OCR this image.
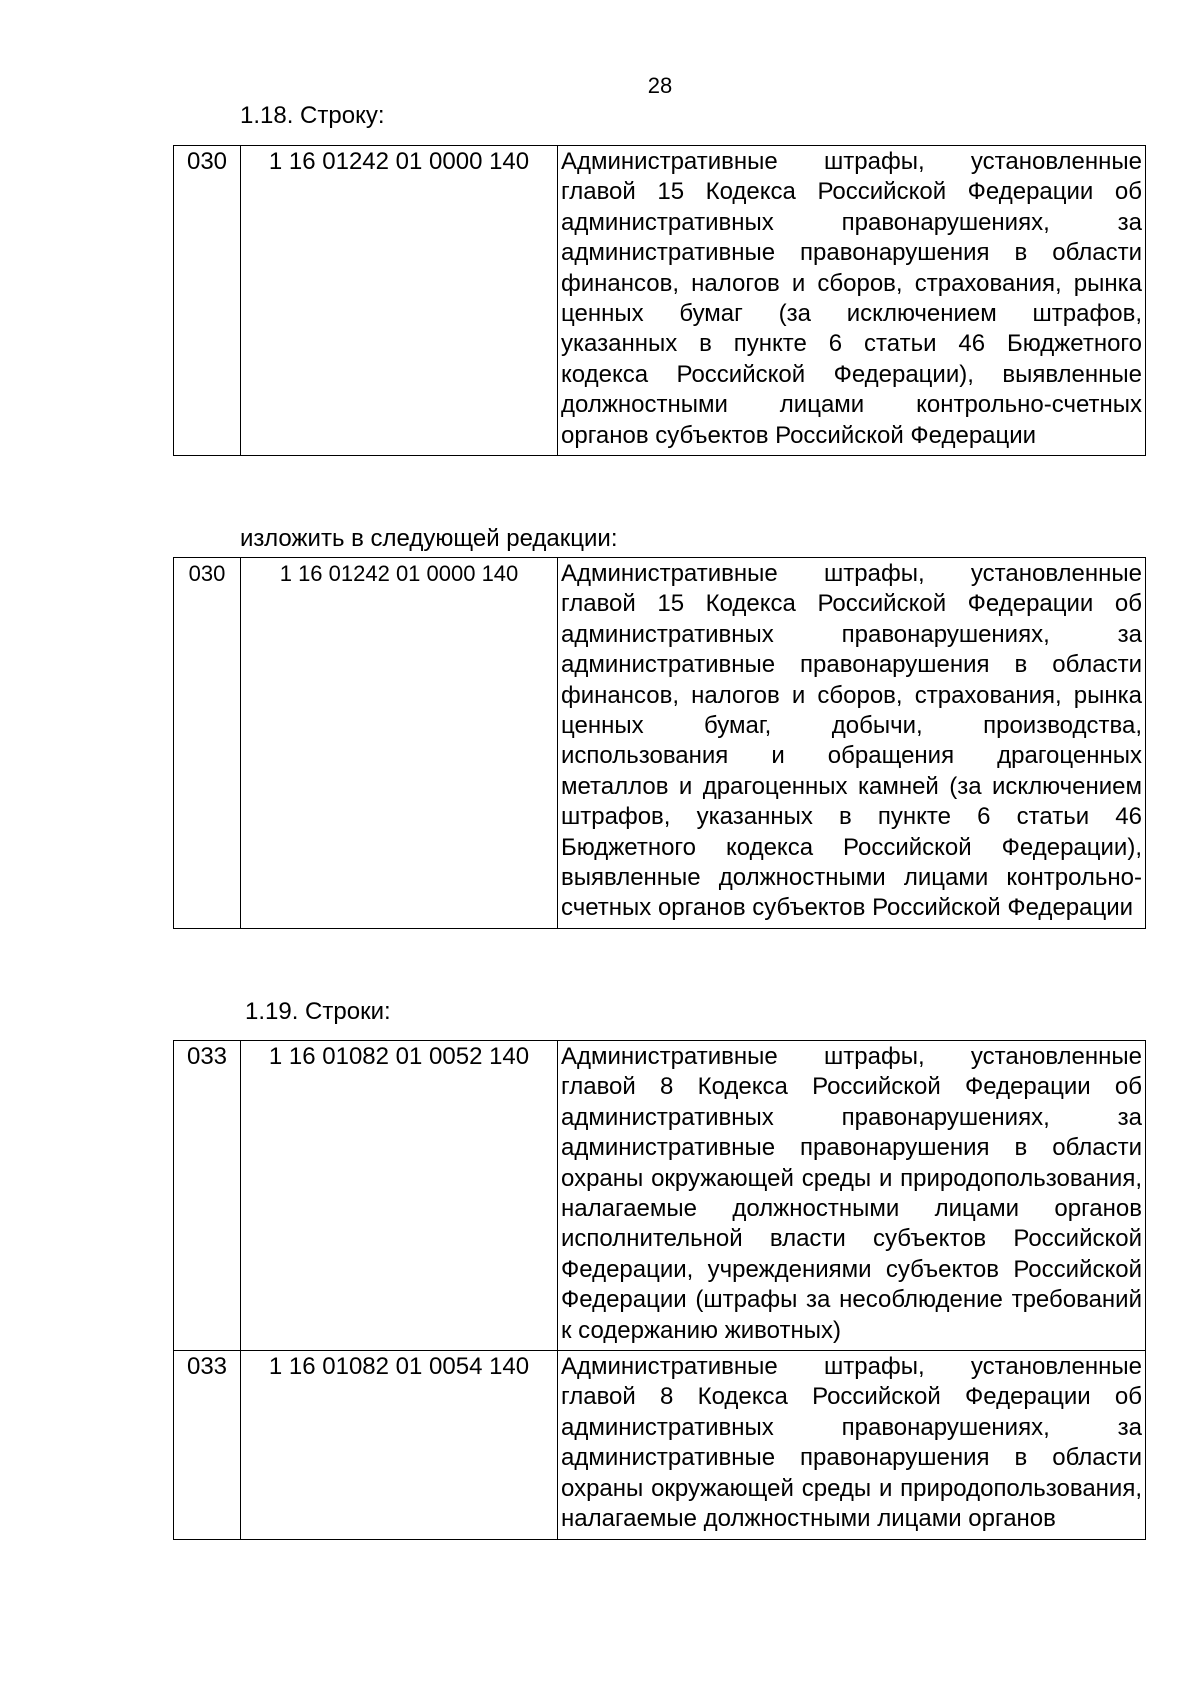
28
1.18. Строку:
030	1 16 01242 01 0000 140	Административные штрафы, установленные главой 15 Кодекса Российской Федерации об административных правонарушениях, за административные правонарушения в области финансов, налогов и сборов, страхования, рынка ценных бумаг (за исключением штрафов, указанных в пункте 6 статьи 46 Бюджетного кодекса Российской Федерации), выявленные должностными лицами контрольно-счетных органов субъектов Российской Федерации
изложить в следующей редакции:
030	1 16 01242 01 0000 140	Административные штрафы, установленные главой 15 Кодекса Российской Федерации об административных правонарушениях, за административные правонарушения в области финансов, налогов и сборов, страхования, рынка ценных бумаг, добычи, производства, использования и обращения драгоценных металлов и драгоценных камней (за исключением штрафов, указанных в пункте 6 статьи 46 Бюджетного кодекса Российской Федерации), выявленные должностными лицами контрольно-счетных органов субъектов Российской Федерации
1.19. Строки:
033	1 16 01082 01 0052 140	Административные штрафы, установленные главой 8 Кодекса Российской Федерации об административных правонарушениях, за административные правонарушения в области охраны окружающей среды и природопользования, налагаемые должностными лицами органов исполнительной власти субъектов Российской Федерации, учреждениями субъектов Российской Федерации (штрафы за несоблюдение требований к содержанию животных)
033	1 16 01082 01 0054 140	Административные штрафы, установленные главой 8 Кодекса Российской Федерации об административных правонарушениях, за административные правонарушения в области охраны окружающей среды и природопользования, налагаемые должностными лицами органов
